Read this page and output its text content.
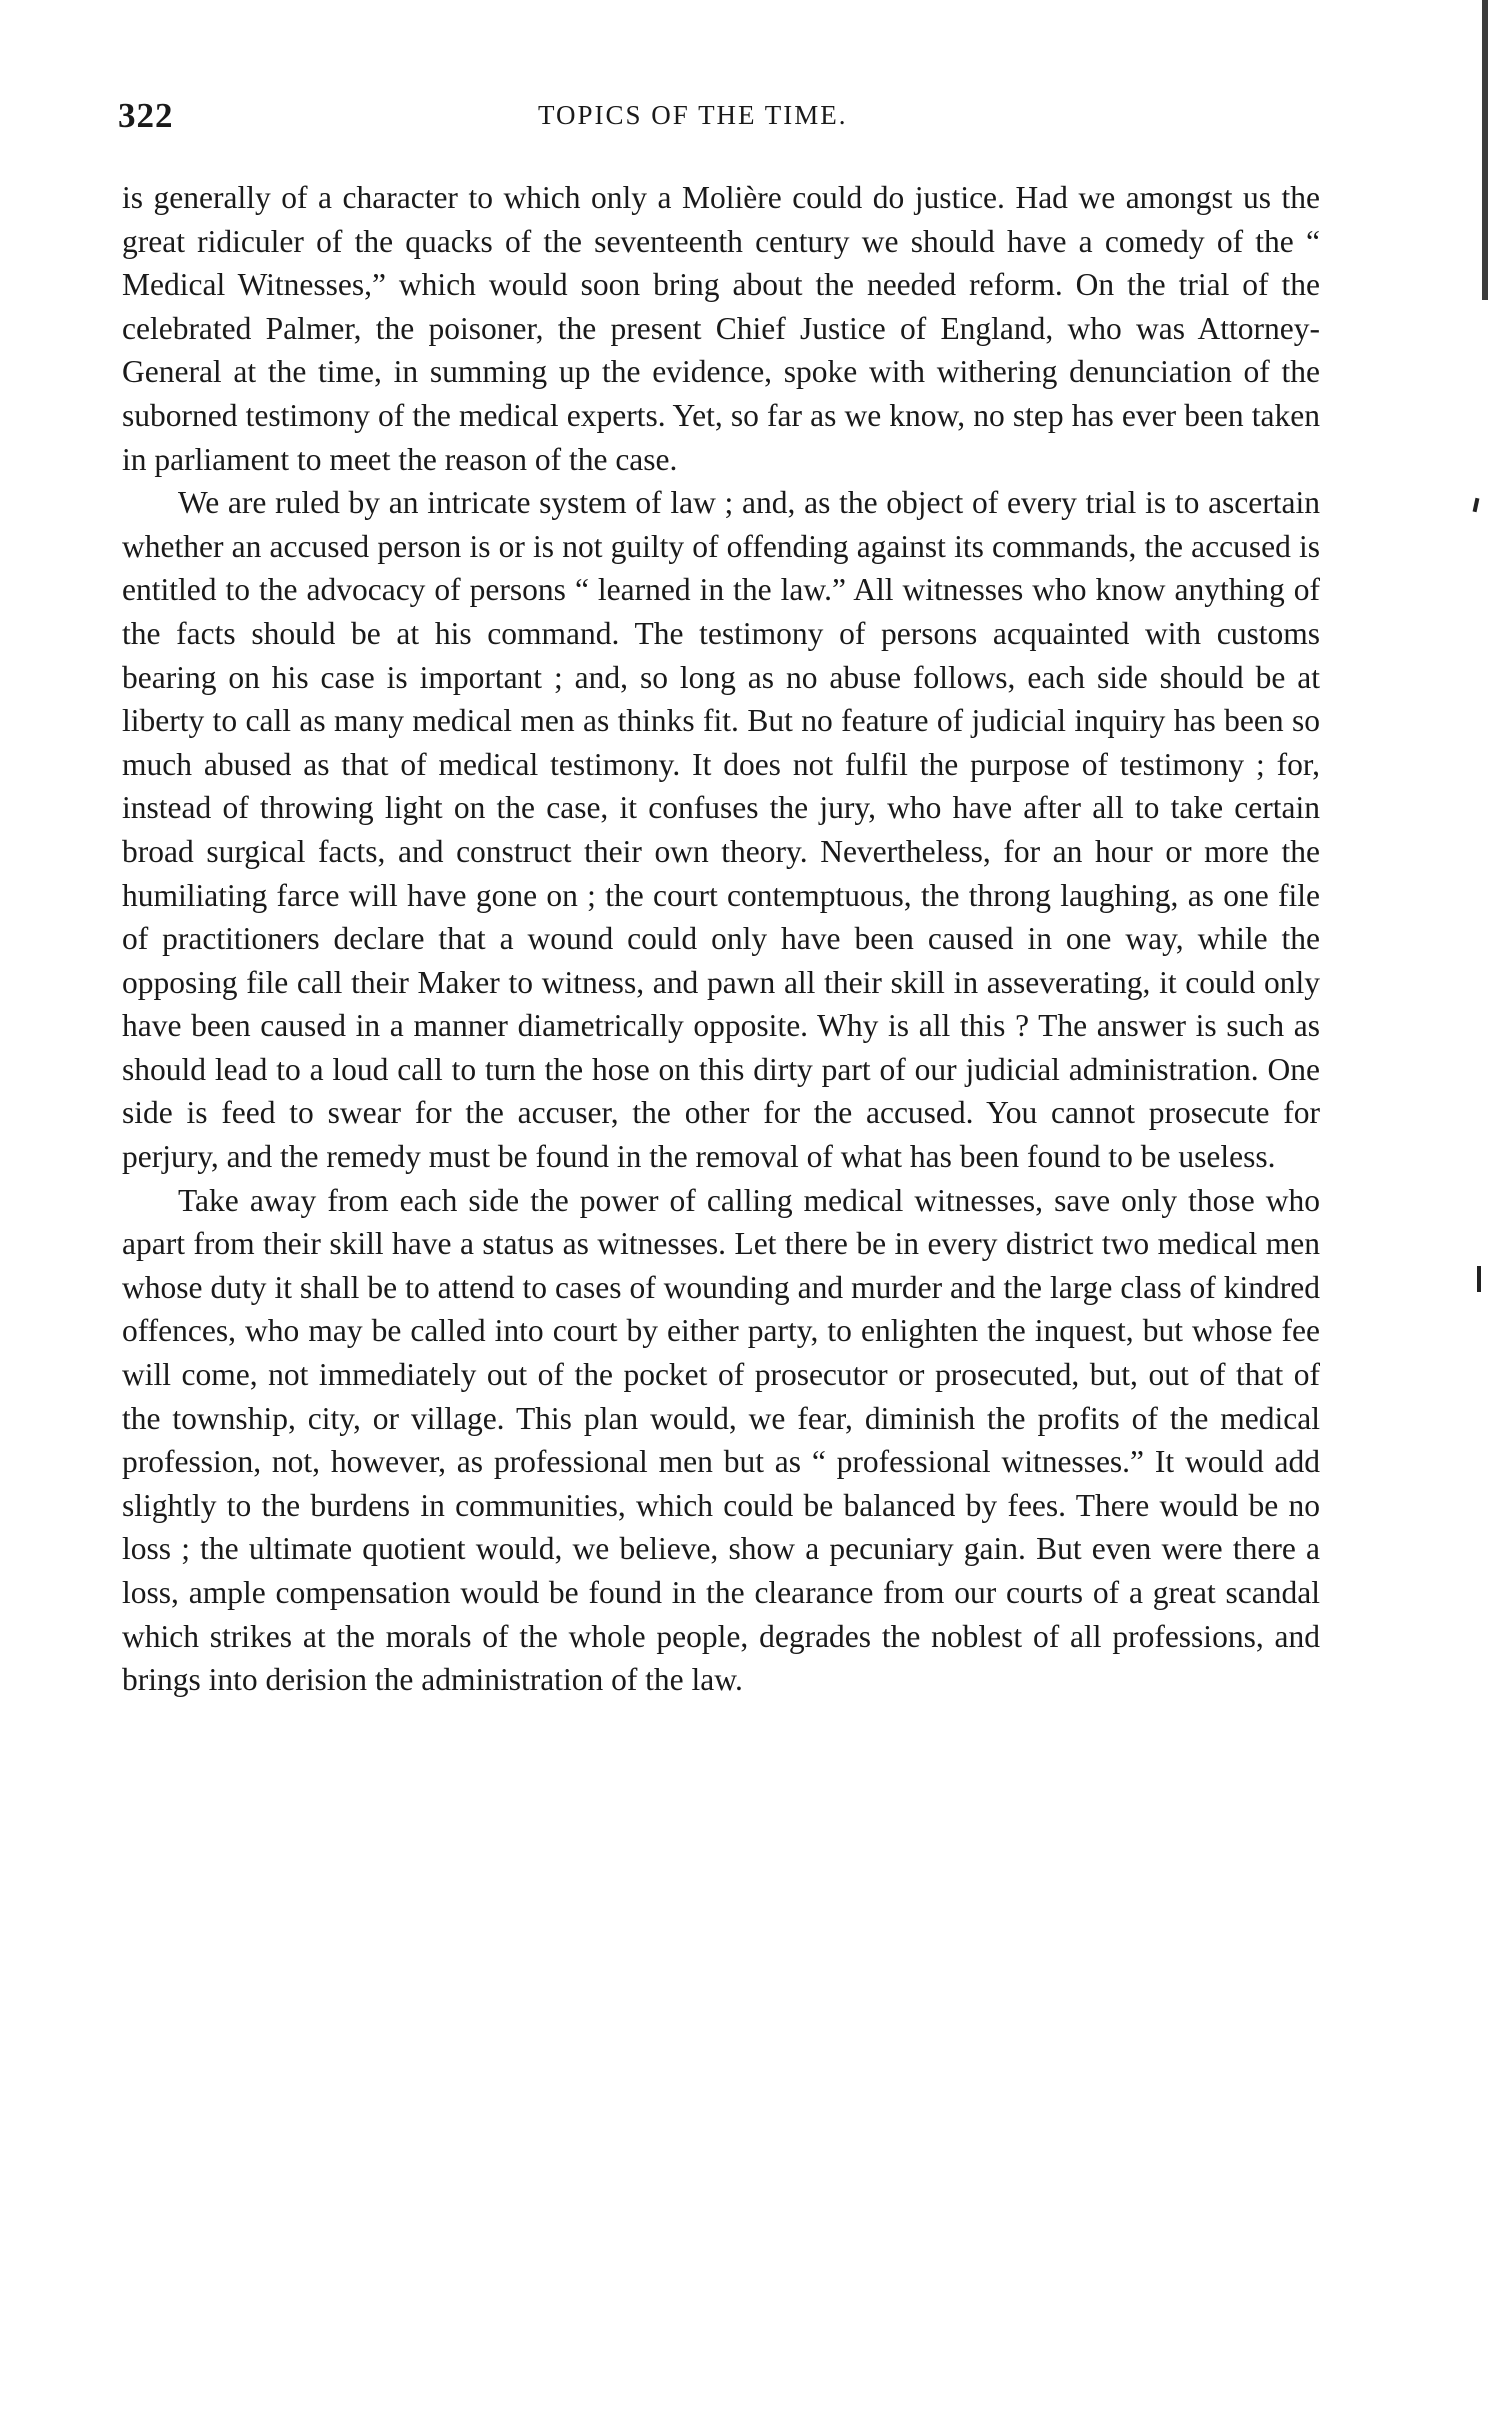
322	TOPICS OF THE TIME.

is generally of a character to which only a Molière could do justice. Had we amongst us the great ridiculer of the quacks of the seventeenth century we should have a comedy of the “ Medical Witnesses,” which would soon bring about the needed reform. On the trial of the celebrated Palmer, the poisoner, the present Chief Justice of England, who was Attorney-General at the time, in summing up the evidence, spoke with withering denunciation of the suborned testimony of the medical experts. Yet, so far as we know, no step has ever been taken in parliament to meet the reason of the case.

We are ruled by an intricate system of law ; and, as the object of every trial is to ascertain whether an accused person is or is not guilty of offending against its commands, the accused is entitled to the advocacy of persons “ learned in the law.” All witnesses who know anything of the facts should be at his command. The testimony of persons acquainted with customs bearing on his case is important ; and, so long as no abuse follows, each side should be at liberty to call as many medical men as thinks fit. But no feature of judicial inquiry has been so much abused as that of medical testimony. It does not fulfil the purpose of testimony ; for, instead of throwing light on the case, it confuses the jury, who have after all to take certain broad surgical facts, and construct their own theory. Nevertheless, for an hour or more the humiliating farce will have gone on ; the court contemptuous, the throng laughing, as one file of practitioners declare that a wound could only have been caused in one way, while the opposing file call their Maker to witness, and pawn all their skill in asseverating, it could only have been caused in a manner diametrically opposite. Why is all this ? The answer is such as should lead to a loud call to turn the hose on this dirty part of our judicial administration. One side is feed to swear for the accuser, the other for the accused. You cannot prosecute for perjury, and the remedy must be found in the removal of what has been found to be useless.

Take away from each side the power of calling medical witnesses, save only those who apart from their skill have a status as witnesses. Let there be in every district two medical men whose duty it shall be to attend to cases of wounding and murder and the large class of kindred offences, who may be called into court by either party, to enlighten the inquest, but whose fee will come, not immediately out of the pocket of prosecutor or prosecuted, but, out of that of the township, city, or village. This plan would, we fear, diminish the profits of the medical profession, not, however, as professional men but as “ professional witnesses.” It would add slightly to the burdens in communities, which could be balanced by fees. There would be no loss ; the ultimate quotient would, we believe, show a pecuniary gain. But even were there a loss, ample compensation would be found in the clearance from our courts of a great scandal which strikes at the morals of the whole people, degrades the noblest of all professions, and brings into derision the administration of the law.
